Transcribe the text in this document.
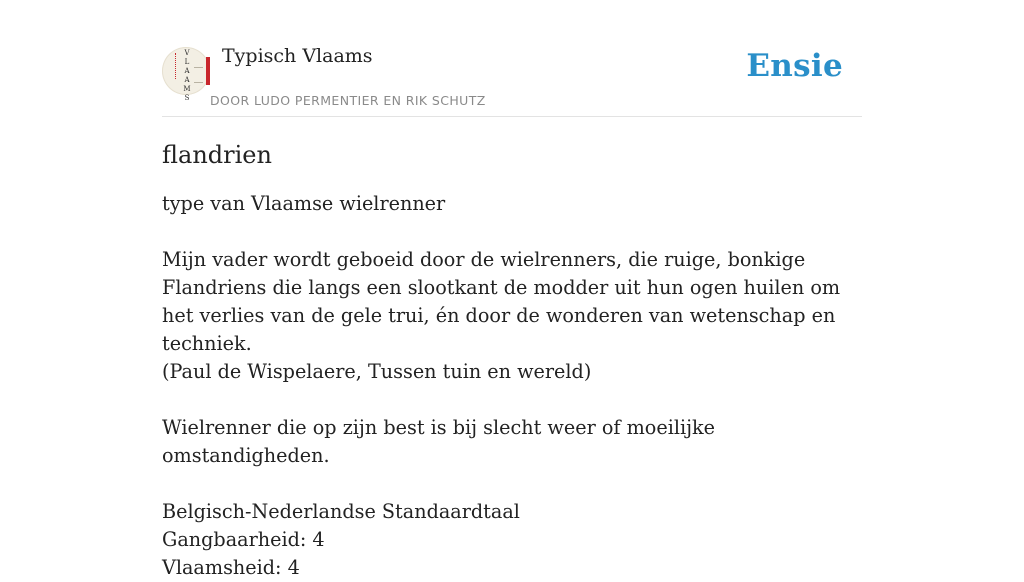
V
L
A
A
M
S
Typisch Vlaams
DOOR LUDO PERMENTIER EN RIK SCHUTZ
Ensie
flandrien

type van Vlaamse wielrenner

Mijn vader wordt geboeid door de wielrenners, die ruige, bonkige Flandriens die langs een slootkant de modder uit hun ogen huilen om het verlies van de gele trui, én door de wonderen van wetenschap en techniek.

(Paul de Wispelaere, Tussen tuin en wereld)

Wielrenner die op zijn best is bij slecht weer of moeilijke omstandigheden.

Belgisch-Nederlandse Standaardtaal

Gangbaarheid: 4

Vlaamsheid: 4
